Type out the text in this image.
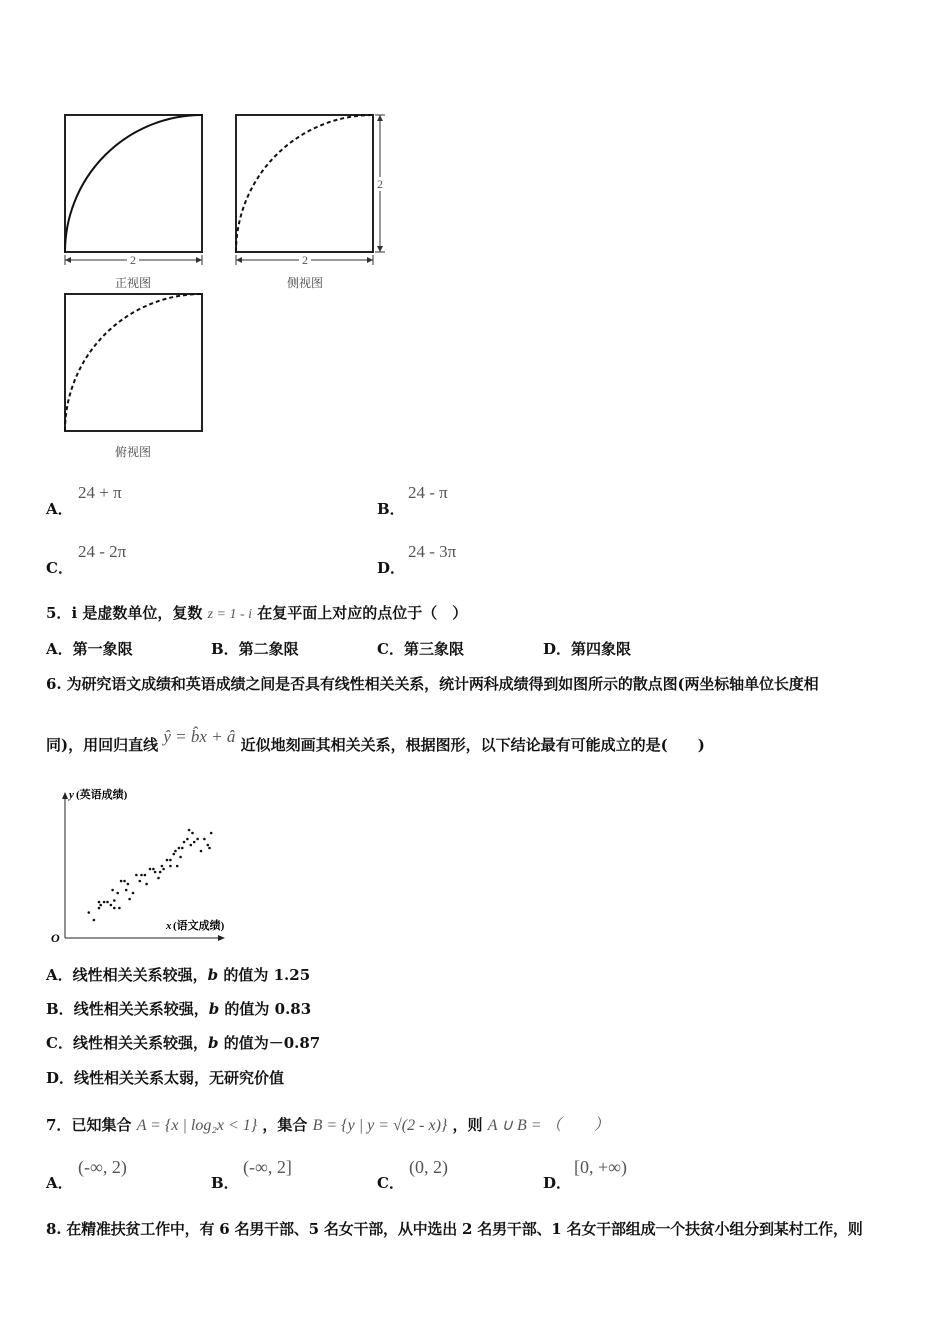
2	2
2
正视图	侧视图
俯视图
A．
24 + π
B．
24 - π
C．
24 - 2π
D．
24 - 3π
5．i 是虚数单位，复数 z = 1 - i 在复平面上对应的点位于（　）
A．第一象限	B．第二象限	C．第三象限	D．第四象限
6. 为研究语文成绩和英语成绩之间是否具有线性相关关系，统计两科成绩得到如图所示的散点图(两坐标轴单位长度相
同)，用回归直线 ŷ = b̂x + â 近似地刻画其相关关系，根据图形，以下结论最有可能成立的是(　　)
y (英语成绩)
x (语文成绩)
O
A．线性相关关系较强，b 的值为 1.25
B．线性相关关系较强，b 的值为 0.83
C．线性相关关系较强，b 的值为－0.87
D．线性相关关系太弱，无研究价值
7．已知集合 A = {x | log₂x < 1} ，集合 B = {y | y = √(2 - x)} ，则 A ∪ B = （　　）
A．
(-∞, 2)
B．
(-∞, 2]
C．
(0, 2)
D．
[0, +∞)
8. 在精准扶贫工作中，有 6 名男干部、5 名女干部，从中选出 2 名男干部、1 名女干部组成一个扶贫小组分到某村工作，则
